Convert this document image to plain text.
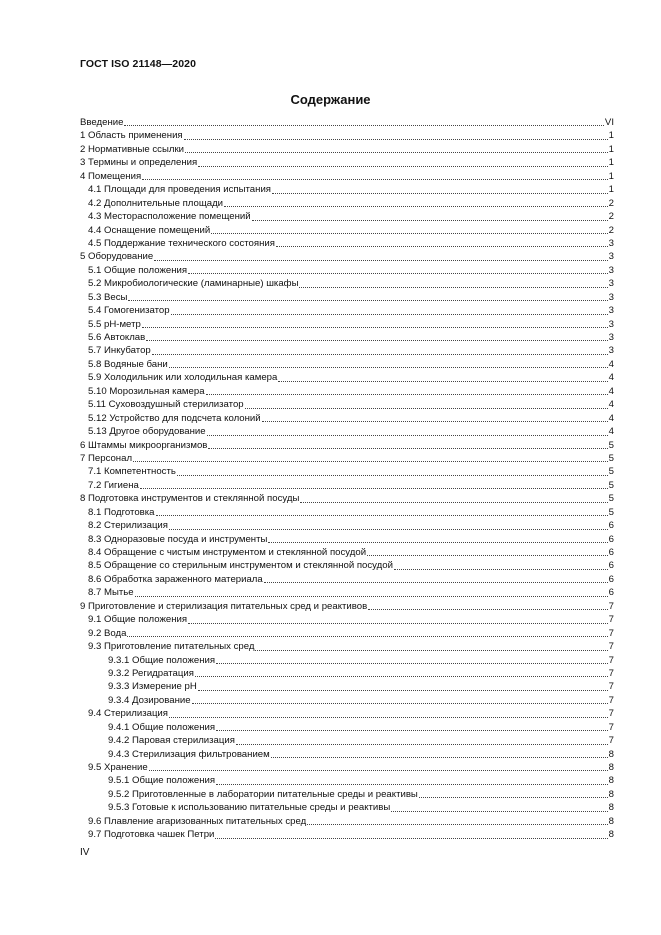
ГОСТ ISO 21148—2020
Содержание
Введение	VI
1 Область применения	1
2 Нормативные ссылки	1
3 Термины и определения	1
4 Помещения	1
4.1 Площади для проведения испытания	1
4.2 Дополнительные площади	2
4.3 Месторасположение помещений	2
4.4 Оснащение помещений	2
4.5 Поддержание технического состояния	3
5 Оборудование	3
5.1 Общие положения	3
5.2 Микробиологические (ламинарные) шкафы	3
5.3 Весы	3
5.4 Гомогенизатор	3
5.5 pH-метр	3
5.6 Автоклав	3
5.7 Инкубатор	3
5.8 Водяные бани	4
5.9 Холодильник или холодильная камера	4
5.10 Морозильная камера	4
5.11 Суховоздушный стерилизатор	4
5.12 Устройство для подсчета колоний	4
5.13 Другое оборудование	4
6 Штаммы микроорганизмов	5
7 Персонал	5
7.1 Компетентность	5
7.2 Гигиена	5
8 Подготовка инструментов и стеклянной посуды	5
8.1 Подготовка	5
8.2 Стерилизация	6
8.3 Одноразовые посуда и инструменты	6
8.4 Обращение с чистым инструментом и стеклянной посудой	6
8.5 Обращение со стерильным инструментом и стеклянной посудой	6
8.6 Обработка зараженного материала	6
8.7 Мытье	6
9 Приготовление и стерилизация питательных сред и реактивов	7
9.1 Общие положения	7
9.2 Вода	7
9.3 Приготовление питательных сред	7
9.3.1 Общие положения	7
9.3.2 Регидратация	7
9.3.3 Измерение pH	7
9.3.4 Дозирование	7
9.4 Стерилизация	7
9.4.1 Общие положения	7
9.4.2 Паровая стерилизация	7
9.4.3 Стерилизация фильтрованием	8
9.5 Хранение	8
9.5.1 Общие положения	8
9.5.2 Приготовленные в лаборатории питательные среды и реактивы	8
9.5.3 Готовые к использованию питательные среды и реактивы	8
9.6 Плавление агаризованных питательных сред	8
9.7 Подготовка чашек Петри	8
IV
